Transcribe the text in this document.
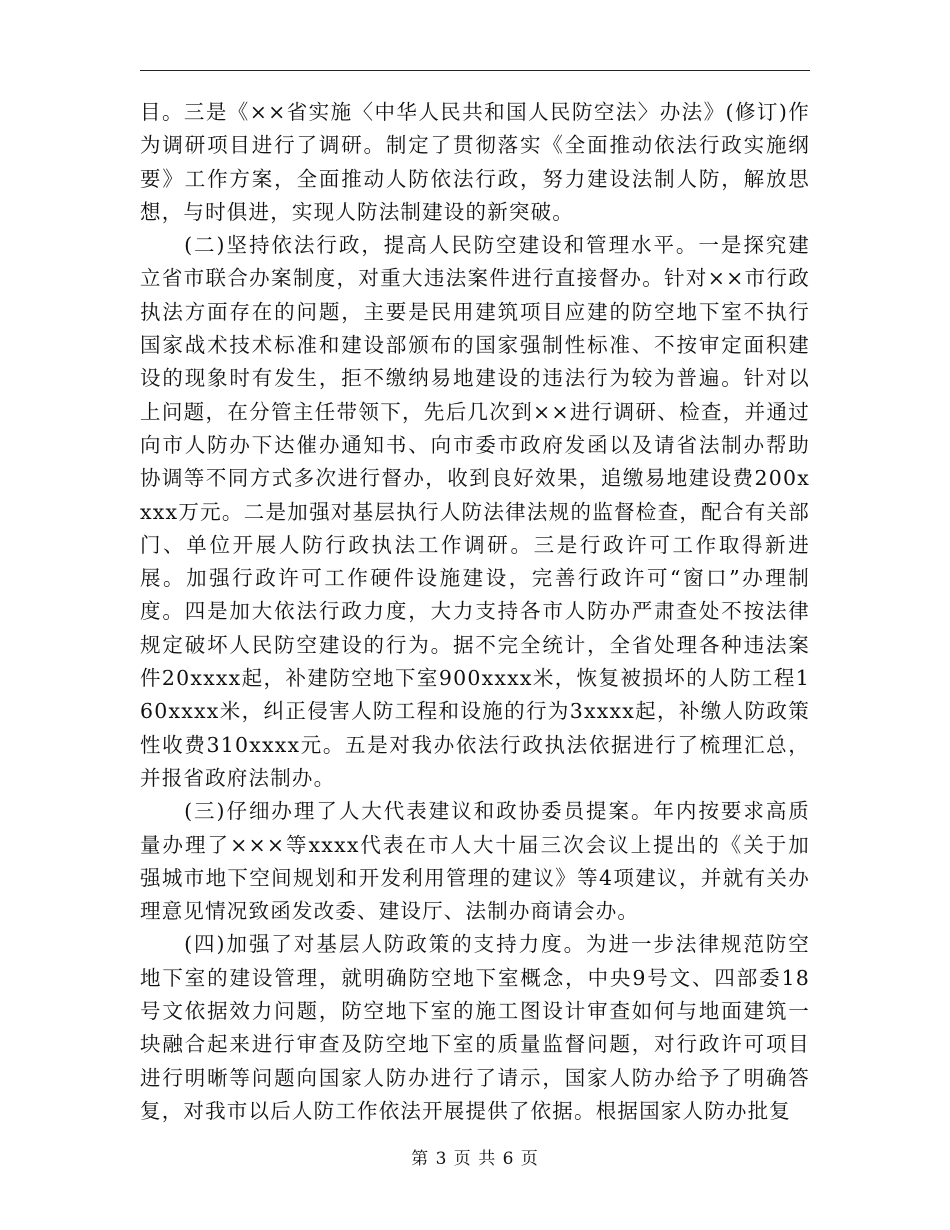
目。三是《××省实施〈中华人民共和国人民防空法〉办法》(修订)作为调研项目进行了调研。制定了贯彻落实《全面推动依法行政实施纲要》工作方案，全面推动人防依法行政，努力建设法制人防，解放思想，与时俱进，实现人防法制建设的新突破。

(二)坚持依法行政，提高人民防空建设和管理水平。一是探究建立省市联合办案制度，对重大违法案件进行直接督办。针对××市行政执法方面存在的问题，主要是民用建筑项目应建的防空地下室不执行国家战术技术标准和建设部颁布的国家强制性标准、不按审定面积建设的现象时有发生，拒不缴纳易地建设的违法行为较为普遍。针对以上问题，在分管主任带领下，先后几次到××进行调研、检查，并通过向市人防办下达催办通知书、向市委市政府发函以及请省法制办帮助协调等不同方式多次进行督办，收到良好效果，追缴易地建设费200xxxx万元。二是加强对基层执行人防法律法规的监督检查，配合有关部门、单位开展人防行政执法工作调研。三是行政许可工作取得新进展。加强行政许可工作硬件设施建设，完善行政许可“窗口”办理制度。四是加大依法行政力度，大力支持各市人防办严肃查处不按法律规定破坏人民防空建设的行为。据不完全统计，全省处理各种违法案件20xxxx起，补建防空地下室900xxxx米，恢复被损坏的人防工程160xxxx米，纠正侵害人防工程和设施的行为3xxxx起，补缴人防政策性收费310xxxx元。五是对我办依法行政执法依据进行了梳理汇总，并报省政府法制办。

(三)仔细办理了人大代表建议和政协委员提案。年内按要求高质量办理了×××等xxxx代表在市人大十届三次会议上提出的《关于加强城市地下空间规划和开发利用管理的建议》等4项建议，并就有关办理意见情况致函发改委、建设厅、法制办商请会办。

(四)加强了对基层人防政策的支持力度。为进一步法律规范防空地下室的建设管理，就明确防空地下室概念，中央9号文、四部委18号文依据效力问题，防空地下室的施工图设计审查如何与地面建筑一块融合起来进行审查及防空地下室的质量监督问题，对行政许可项目进行明晰等问题向国家人防办进行了请示，国家人防办给予了明确答复，对我市以后人防工作依法开展提供了依据。根据国家人防办批复

第 3 页 共 6 页
